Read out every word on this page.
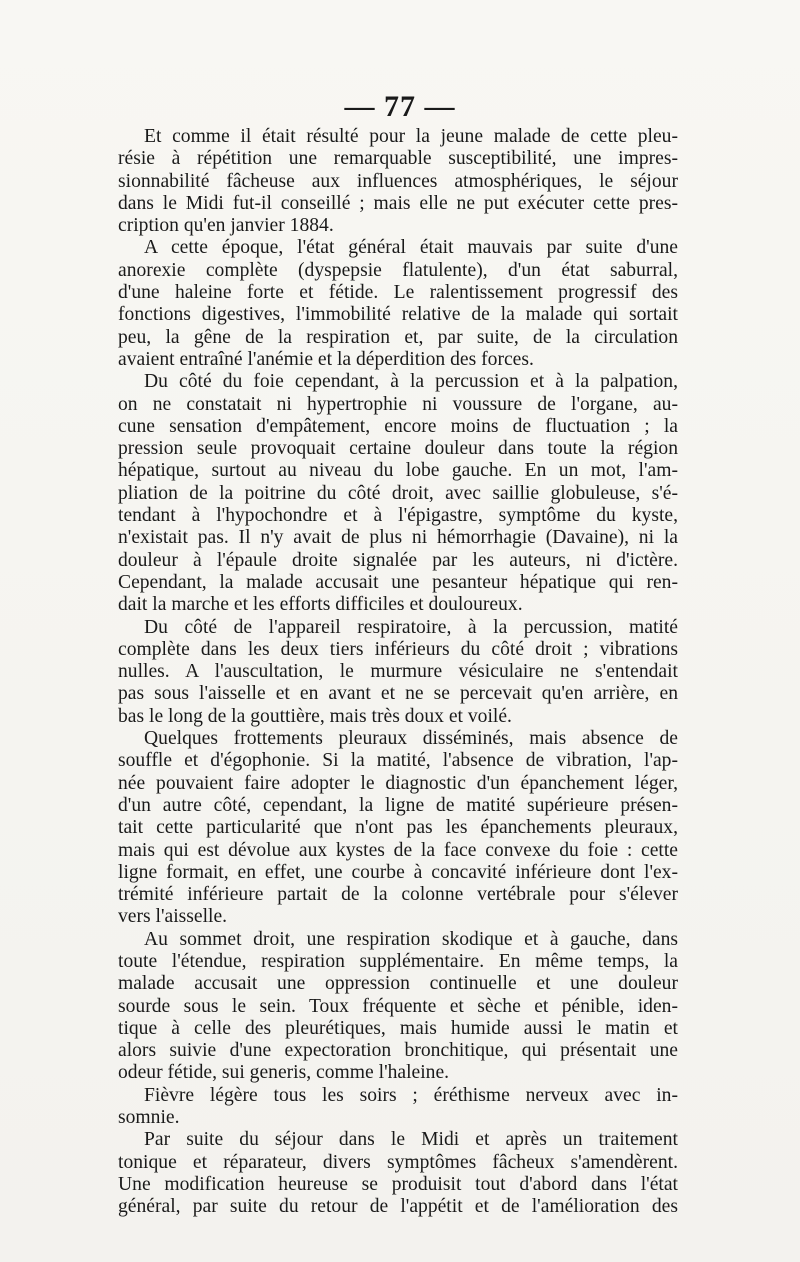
— 77 —
Et comme il était résulté pour la jeune malade de cette pleu-
résie à répétition une remarquable susceptibilité, une impres-
sionnabilité fâcheuse aux influences atmosphériques, le séjour
dans le Midi fut-il conseillé ; mais elle ne put exécuter cette pres-
cription qu'en janvier 1884.
A cette époque, l'état général était mauvais par suite d'une
anorexie complète (dyspepsie flatulente), d'un état saburral,
d'une haleine forte et fétide. Le ralentissement progressif des
fonctions digestives, l'immobilité relative de la malade qui sortait
peu, la gêne de la respiration et, par suite, de la circulation
avaient entraîné l'anémie et la déperdition des forces.
Du côté du foie cependant, à la percussion et à la palpation,
on ne constatait ni hypertrophie ni voussure de l'organe, au-
cune sensation d'empâtement, encore moins de fluctuation ; la
pression seule provoquait certaine douleur dans toute la région
hépatique, surtout au niveau du lobe gauche. En un mot, l'am-
pliation de la poitrine du côté droit, avec saillie globuleuse, s'é-
tendant à l'hypochondre et à l'épigastre, symptôme du kyste,
n'existait pas. Il n'y avait de plus ni hémorrhagie (Davaine), ni la
douleur à l'épaule droite signalée par les auteurs, ni d'ictère.
Cependant, la malade accusait une pesanteur hépatique qui ren-
dait la marche et les efforts difficiles et douloureux.
Du côté de l'appareil respiratoire, à la percussion, matité
complète dans les deux tiers inférieurs du côté droit ; vibrations
nulles. A l'auscultation, le murmure vésiculaire ne s'entendait
pas sous l'aisselle et en avant et ne se percevait qu'en arrière, en
bas le long de la gouttière, mais très doux et voilé.
Quelques frottements pleuraux disséminés, mais absence de
souffle et d'égophonie. Si la matité, l'absence de vibration, l'ap-
née pouvaient faire adopter le diagnostic d'un épanchement léger,
d'un autre côté, cependant, la ligne de matité supérieure présen-
tait cette particularité que n'ont pas les épanchements pleuraux,
mais qui est dévolue aux kystes de la face convexe du foie : cette
ligne formait, en effet, une courbe à concavité inférieure dont l'ex-
trémité inférieure partait de la colonne vertébrale pour s'élever
vers l'aisselle.
Au sommet droit, une respiration skodique et à gauche, dans
toute l'étendue, respiration supplémentaire. En même temps, la
malade accusait une oppression continuelle et une douleur
sourde sous le sein. Toux fréquente et sèche et pénible, iden-
tique à celle des pleurétiques, mais humide aussi le matin et
alors suivie d'une expectoration bronchitique, qui présentait une
odeur fétide, sui generis, comme l'haleine.
Fièvre légère tous les soirs ; éréthisme nerveux avec in-
somnie.
Par suite du séjour dans le Midi et après un traitement
tonique et réparateur, divers symptômes fâcheux s'amendèrent.
Une modification heureuse se produisit tout d'abord dans l'état
général, par suite du retour de l'appétit et de l'amélioration des
